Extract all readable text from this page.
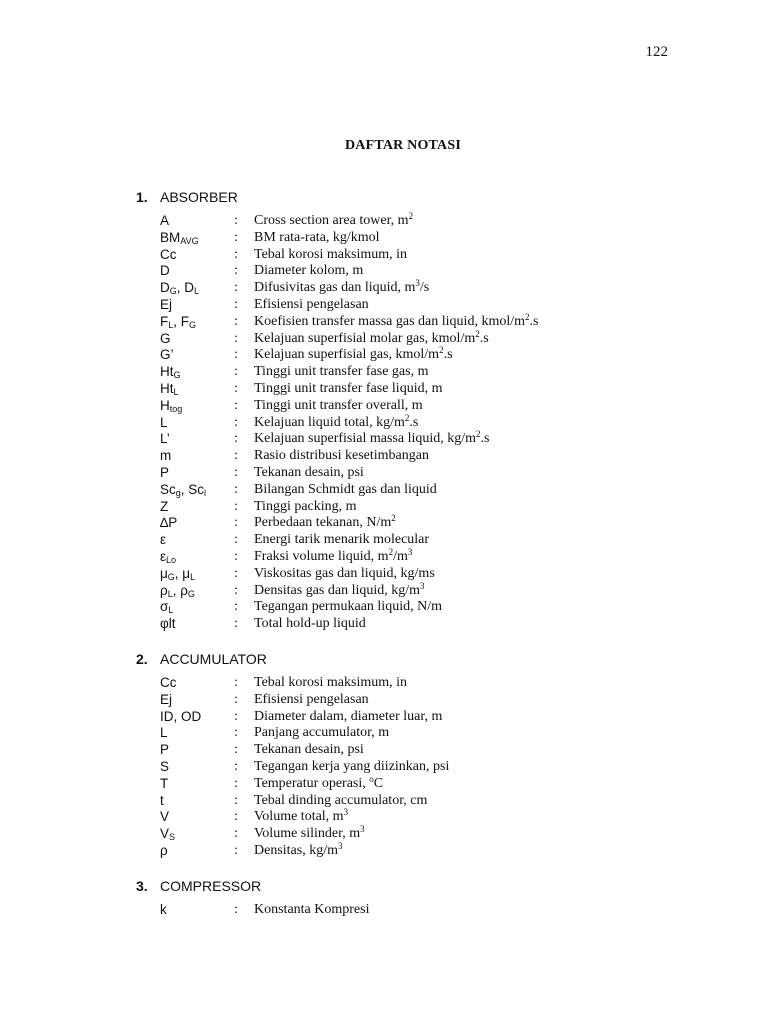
122
DAFTAR NOTASI
1. ABSORBER
A	: Cross section area tower, $m^2$
$BM_{AVG}$	: BM rata-rata, kg/kmol
Cc	: Tebal korosi maksimum, in
D	: Diameter kolom, m
$D_G$, $D_L$ : Difusivitas gas dan liquid, $m^3/s$
Ej	: Efisiensi pengelasan
$F_L$, $F_G$	: Koefisien transfer massa gas dan liquid, kmol/$m^2.s$
G	: Kelajuan superfisial molar gas, kmol/$m^2.s$
G’	: Kelajuan superfisial gas, kmol/$m^2.s$
$Ht_G$	: Tinggi unit transfer fase gas, m
$Ht_L$	: Tinggi unit transfer fase liquid, m
$H_{tog}$	: Tinggi unit transfer overall, m
L	: Kelajuan liquid total, $kg/m^2.s$
L’	: Kelajuan superfisial massa liquid, $kg/m^2.s$
m	: Rasio distribusi kesetimbangan
P	: Tekanan desain, psi
$Sc_g$, $Sc_l$ : Bilangan Schmidt gas dan liquid
Z	: Tinggi packing, m
∆P	: Perbedaan tekanan, $N/m^2$
ε	: Energi tarik menarik molecular
$\varepsilon_{Lo}$	: Fraksi volume liquid, $m^2/m^3$
$\mu_G$, $\mu_L$	: Viskositas gas dan liquid, kg/ms
$\rho_L$, $\rho_G$	: Densitas gas dan liquid, $kg/m^3$
$\sigma_L$	: Tegangan permukaan liquid, N/m
φlt	: Total hold-up liquid
2. ACCUMULATOR
Cc	: Tebal korosi maksimum, in
Ej	: Efisiensi pengelasan
ID, OD : Diameter dalam, diameter luar, m
L	: Panjang accumulator, m
P	: Tekanan desain, psi
S	: Tegangan kerja yang diizinkan, psi
T	: Temperatur operasi, $^o$C
t	: Tebal dinding accumulator, cm
V	: Volume total, $m^3$
$V_S$	: Volume silinder, $m^3$
ρ	: Densitas, $kg/m^3$
3. COMPRESSOR
k	: Konstanta Kompresi
